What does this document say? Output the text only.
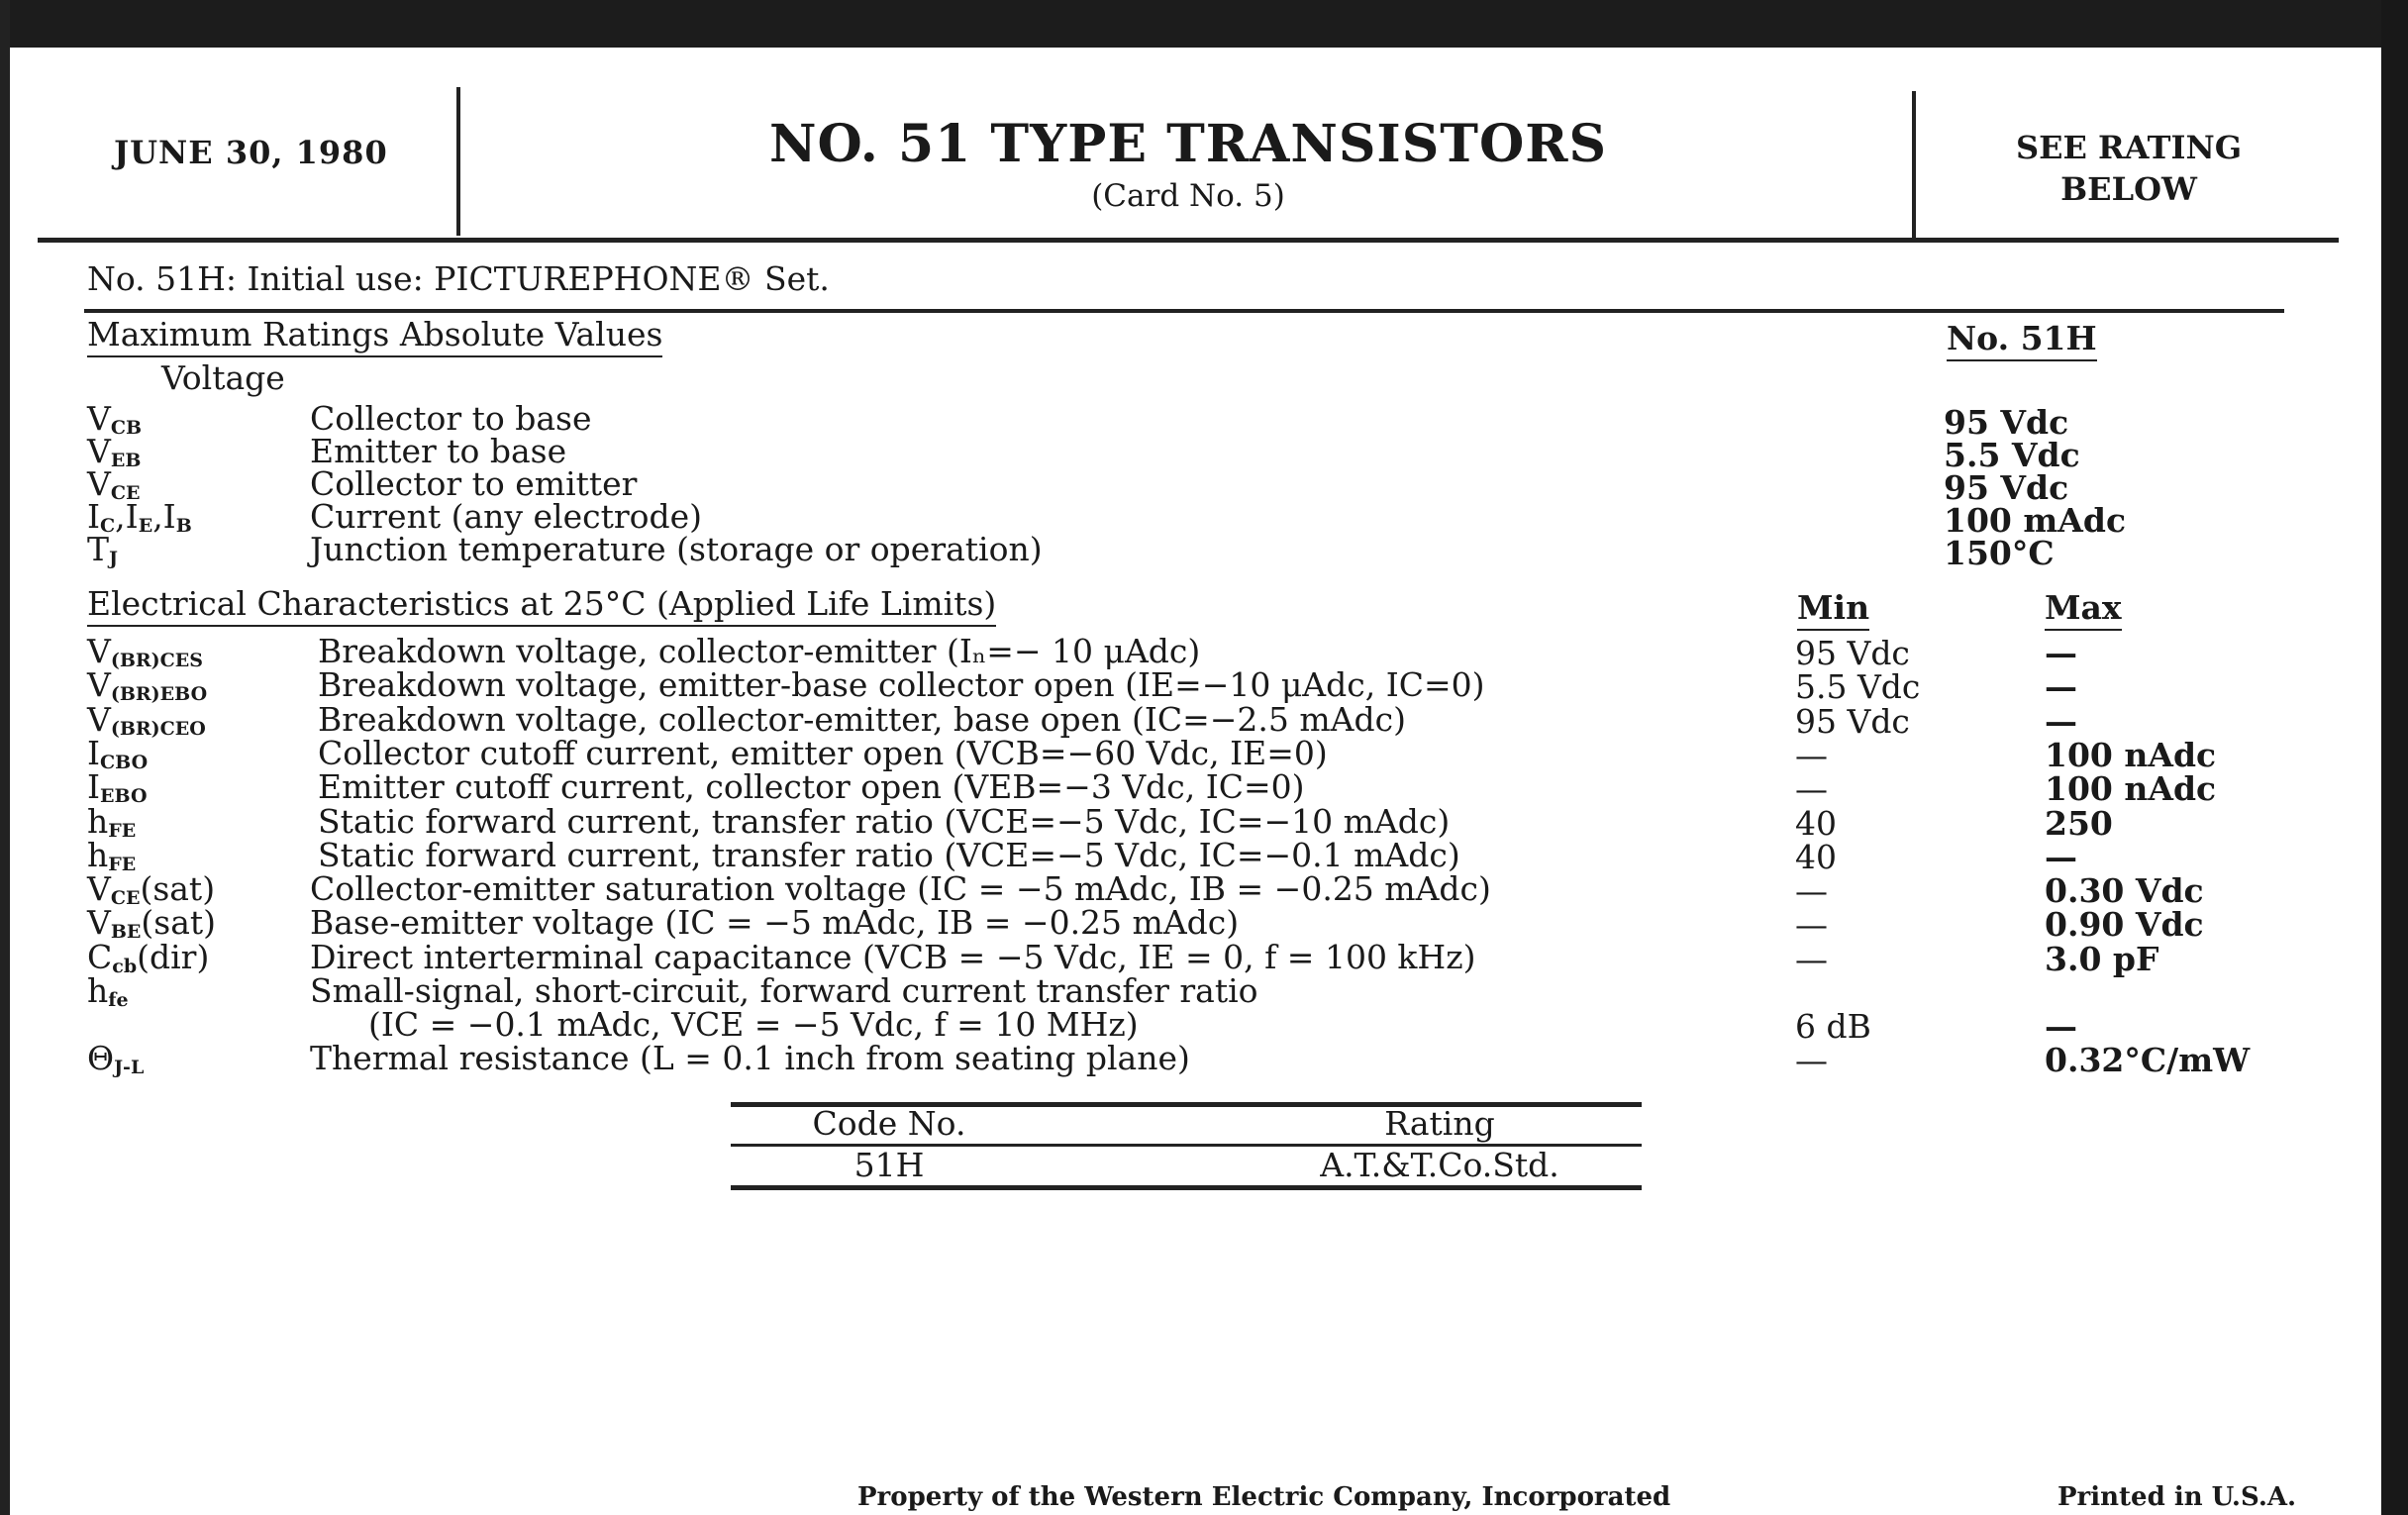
JUNE 30, 1980	NO. 51 TYPE TRANSISTORS
(Card No. 5)
SEE RATING
BELOW
No. 51H: Initial use: PICTUREPHONE® Set.
Maximum Ratings Absolute Values	No. 51H
Voltage
$V_{CB}$	Collector to base	95 Vdc
$V_{EB}$	Emitter to base	5.5 Vdc
$V_{CE}$	Collector to emitter	95 Vdc
$I_C,I_E,I_B$	Current (any electrode)	100 mAdc
$T_J$	Junction temperature (storage or operation)	150°C
Electrical Characteristics at 25°C (Applied Life Limits)	Min	Max
$V_{(BR)CES}$	Breakdown voltage, collector-emitter (Iₙ=− 10 μAdc)	95 Vdc	—
$V_{(BR)EBO}$	Breakdown voltage, emitter-base collector open (IE=−10 μAdc, IC=0)	5.5 Vdc	—
$V_{(BR)CEO}$	Breakdown voltage, collector-emitter, base open (IC=−2.5 mAdc)	95 Vdc	—
$I_{CBO}$	Collector cutoff current, emitter open (VCB=−60 Vdc, IE=0)	—	100 nAdc
$I_{EBO}$	Emitter cutoff current, collector open (VEB=−3 Vdc, IC=0)	—	100 nAdc
$h_{FE}$	Static forward current, transfer ratio (VCE=−5 Vdc, IC=−10 mAdc)	40	250
$h_{FE}$	Static forward current, transfer ratio (VCE=−5 Vdc, IC=−0.1 mAdc)	40	—
$V_{CE}(sat)$	Collector-emitter saturation voltage (IC = −5 mAdc, IB = −0.25 mAdc)	—	0.30 Vdc
$V_{BE}(sat)$	Base-emitter voltage (IC = −5 mAdc, IB = −0.25 mAdc)	—	0.90 Vdc
$C_{cb}(dir)$	Direct interterminal capacitance (VCB = −5 Vdc, IE = 0, f = 100 kHz)	—	3.0 pF
$h_{fe}$	Small-signal, short-circuit, forward current transfer ratio
(IC = −0.1 mAdc, VCE = −5 Vdc, f = 10 MHz)	6 dB	—
$\Theta_{J-L}$	Thermal resistance (L = 0.1 inch from seating plane)	—	0.32°C/mW
Code No.	Rating
51H	A.T.&T.Co.Std.
Property of the Western Electric Company, Incorporated	Printed in U.S.A.
